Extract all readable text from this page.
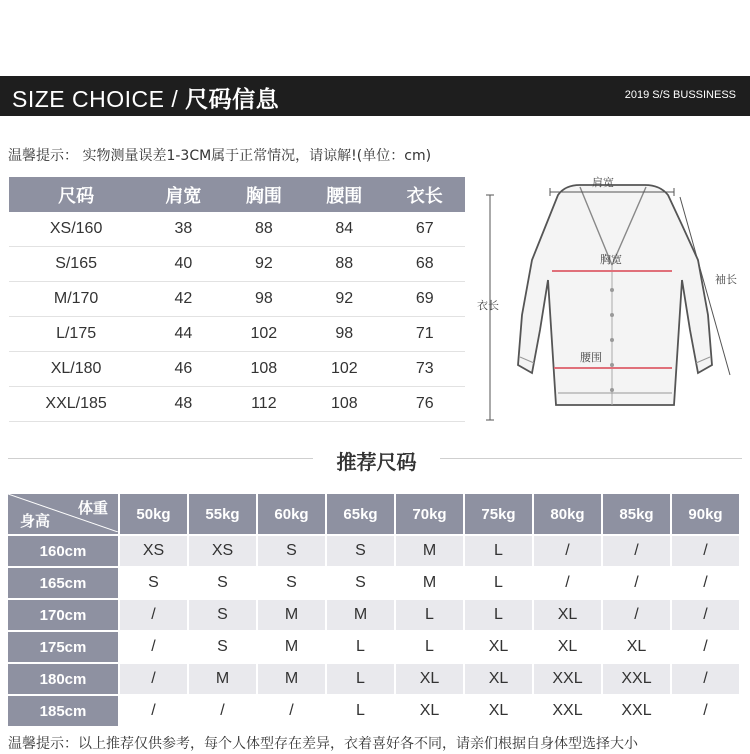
SIZE CHOICE / 尺码信息	2019 S/S BUSSINESS
温馨提示： 实物测量误差1-3CM属于正常情况，请谅解!(单位：cm)
尺码	肩宽	胸围	腰围	衣长
XS/160	38	88	84	67
S/165	40	92	88	68
M/170	42	98	92	69
L/175	44	102	98	71
XL/180	46	108	102	73
XXL/185	48	112	108	76
肩宽
胸宽
腰围
衣长
袖长
推荐尺码
体重
身高	50kg	55kg	60kg	65kg	70kg	75kg	80kg	85kg	90kg
160cm	XS	XS	S	S	M	L	/	/	/
165cm	S	S	S	S	M	L	/	/	/
170cm	/	S	M	M	L	L	XL	/	/
175cm	/	S	M	L	L	XL	XL	XL	/
180cm	/	M	M	L	XL	XL	XXL	XXL	/
185cm	/	/	/	L	XL	XL	XXL	XXL	/
温馨提示：以上推荐仅供参考，每个人体型存在差异，衣着喜好各不同，请亲们根据自身体型选择大小
